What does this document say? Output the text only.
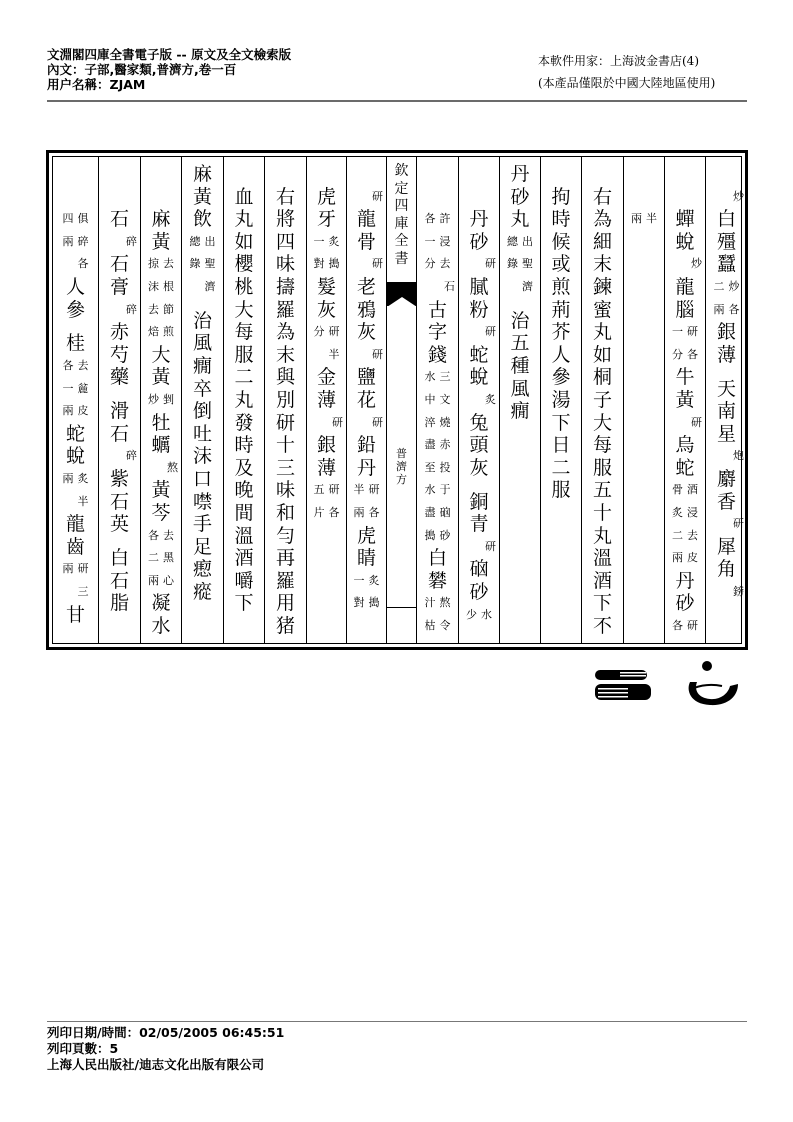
文淵閣四庫全書電子版 -- 原文及全文檢索版
內文：子部,醫家類,普濟方,卷一百
用户名稱：ZJAM
本軟件用家：上海波金書店(4)
(本產品僅限於中國大陸地區使用)
俱
四
碎
兩
各
人
參
桂
去
各
麄
一
皮
兩
蛇
蛻
炙
兩
半
龍
齒
研
兩
三
甘
石
碎
石
膏
碎
赤
芍
藥
滑
石
碎
紫
石
英
白
石
脂
麻
黃
去
掠
根
沫
節
去
煎
焙
大
黃
剉
炒
牡
蠣
熬
黃
芩
去
各
黑
二
心
兩
凝
水
麻
黃
飲
出
總
聖
錄
濟
治
風
癇
卒
倒
吐
沫
口
噤
手
足
瘛
瘲
血
丸
如
櫻
桃
大
每
服
二
丸
發
時
及
晚
間
溫
酒
嚼
下
右
將
四
味
擣
羅
為
末
與
別
研
十
三
味
和
勻
再
羅
用
猪
虎
牙
炙
一
搗
對
髮
灰
研
分
半
金
薄
研
銀
薄
研
五
各
片
研
龍
骨
研
老
鴉
灰
研
鹽
花
研
鉛
丹
研
半
各
兩
虎
睛
炙
一
搗
對
欽
定
四
庫
全
書
普
濟
方
許
各
浸
一
去
分
石
古
字
錢
三
水
文
中
燒
淬
赤
盡
投
至
于
水
硇
盡
砂
搗
白
礬
熬
汁
令
枯
丹
砂
研
膩
粉
研
蛇
蛻
炙
兔
頭
灰
銅
青
研
硇
砂
水
少
丹
砂
丸
出
總
聖
錄
濟
治
五
種
風
癇
拘
時
候
或
煎
荊
芥
人
參
湯
下
日
二
服
右
為
細
末
鍊
蜜
丸
如
桐
子
大
每
服
五
十
丸
溫
酒
下
不
半
兩 蟬
蛻
炒
龍
腦
研
一
各
分
牛
黃
研
烏
蛇
酒
骨
浸
炙
去
二
皮
兩
丹
砂
研
各
炒
白
殭
蠶
炒
二
各
兩
銀
薄
天
南
星
炮
麝
香
研
犀
角
鎊
列印日期/時間：02/05/2005 06:45:51
列印頁數：5
上海人民出版社/迪志文化出版有限公司
